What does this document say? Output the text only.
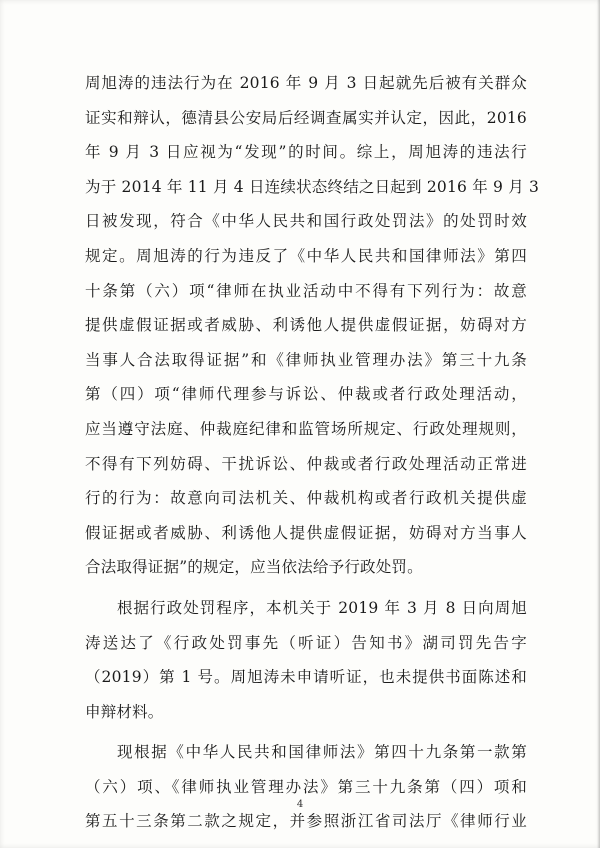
周旭涛的违法行为在 2016 年 9 月 3 日起就先后被有关群众
证实和辩认，德清县公安局后经调查属实并认定，因此，2016
年 9 月 3 日应视为“发现”的时间。综上，周旭涛的违法行
为于 2014 年 11 月 4 日连续状态终结之日起到 2016 年 9 月 3
日被发现，符合《中华人民共和国行政处罚法》的处罚时效
规定。周旭涛的行为违反了《中华人民共和国律师法》第四
十条第（六）项“律师在执业活动中不得有下列行为：故意
提供虚假证据或者威胁、利诱他人提供虚假证据，妨碍对方
当事人合法取得证据”和《律师执业管理办法》第三十九条
第（四）项“律师代理参与诉讼、仲裁或者行政处理活动，
应当遵守法庭、仲裁庭纪律和监管场所规定、行政处理规则，
不得有下列妨碍、干扰诉讼、仲裁或者行政处理活动正常进
行的行为：故意向司法机关、仲裁机构或者行政机关提供虚
假证据或者威胁、利诱他人提供虚假证据，妨碍对方当事人
合法取得证据”的规定，应当依法给予行政处罚。
根据行政处罚程序，本机关于 2019 年 3 月 8 日向周旭
涛送达了《行政处罚事先（听证）告知书》湖司罚先告字
（2019）第 1 号。周旭涛未申请听证，也未提供书面陈述和
申辩材料。
现根据《中华人民共和国律师法》第四十九条第一款第
（六）项、《律师执业管理办法》第三十九条第（四）项和
第五十三条第二款之规定，并参照浙江省司法厅《律师行业
4
